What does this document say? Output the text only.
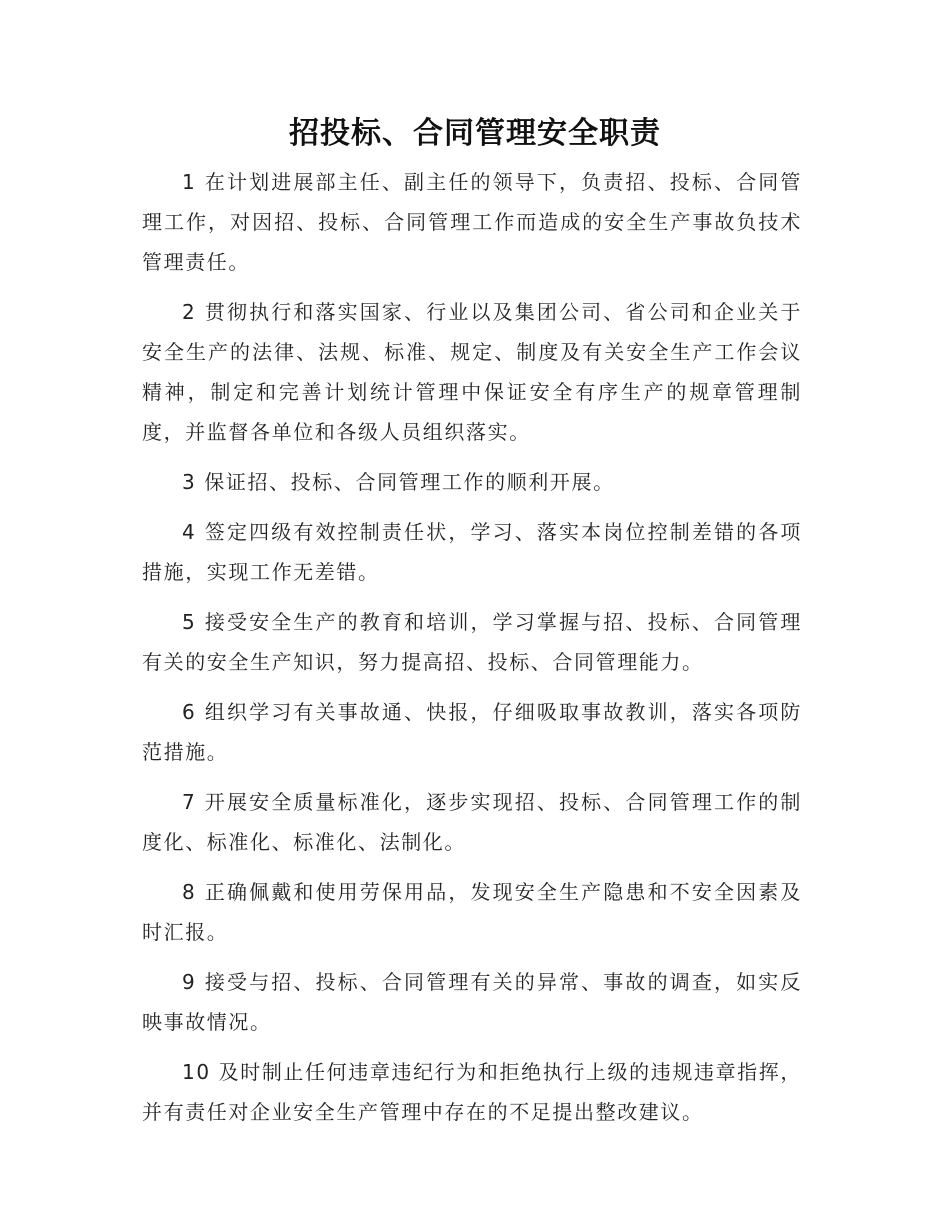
招投标、合同管理安全职责

1 在计划进展部主任、副主任的领导下，负责招、投标、合同管理工作，对因招、投标、合同管理工作而造成的安全生产事故负技术管理责任。

2 贯彻执行和落实国家、行业以及集团公司、省公司和企业关于安全生产的法律、法规、标准、规定、制度及有关安全生产工作会议精神，制定和完善计划统计管理中保证安全有序生产的规章管理制度，并监督各单位和各级人员组织落实。

3 保证招、投标、合同管理工作的顺利开展。

4 签定四级有效控制责任状，学习、落实本岗位控制差错的各项措施，实现工作无差错。

5 接受安全生产的教育和培训，学习掌握与招、投标、合同管理有关的安全生产知识，努力提高招、投标、合同管理能力。

6 组织学习有关事故通、快报，仔细吸取事故教训，落实各项防范措施。

7 开展安全质量标准化，逐步实现招、投标、合同管理工作的制度化、标准化、标准化、法制化。

8 正确佩戴和使用劳保用品，发现安全生产隐患和不安全因素及时汇报。

9 接受与招、投标、合同管理有关的异常、事故的调查，如实反映事故情况。

10 及时制止任何违章违纪行为和拒绝执行上级的违规违章指挥，并有责任对企业安全生产管理中存在的不足提出整改建议。
